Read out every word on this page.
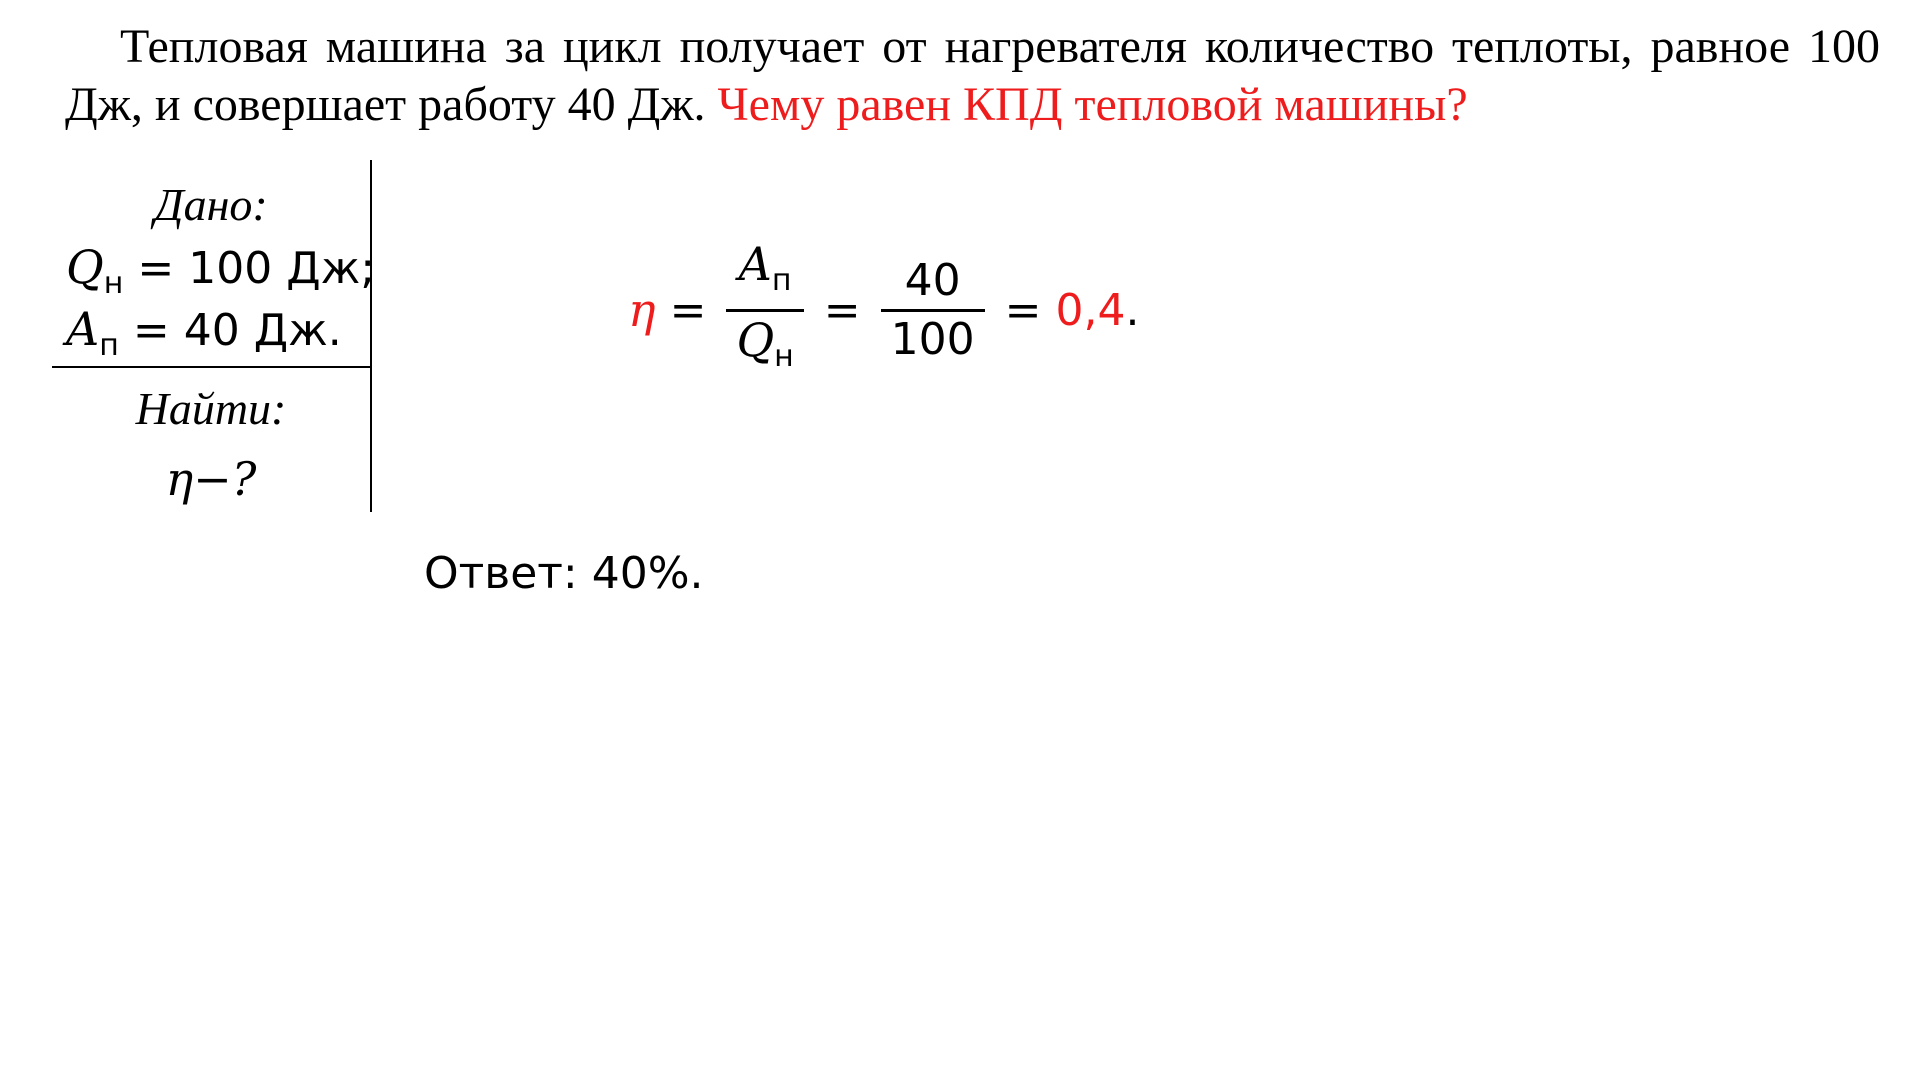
Тепловая машина за цикл получает от нагревателя количество теплоты, равное 100 Дж, и совершает работу 40 Дж. Чему равен КПД тепловой машины?
Дано:
$Q_н = 100$ Дж;
$A_п = 40$ Дж.
Найти:
η−?
$\eta = \frac{A_п}{Q_н} = \frac{40}{100} = 0,4$.
Ответ: 40%.
